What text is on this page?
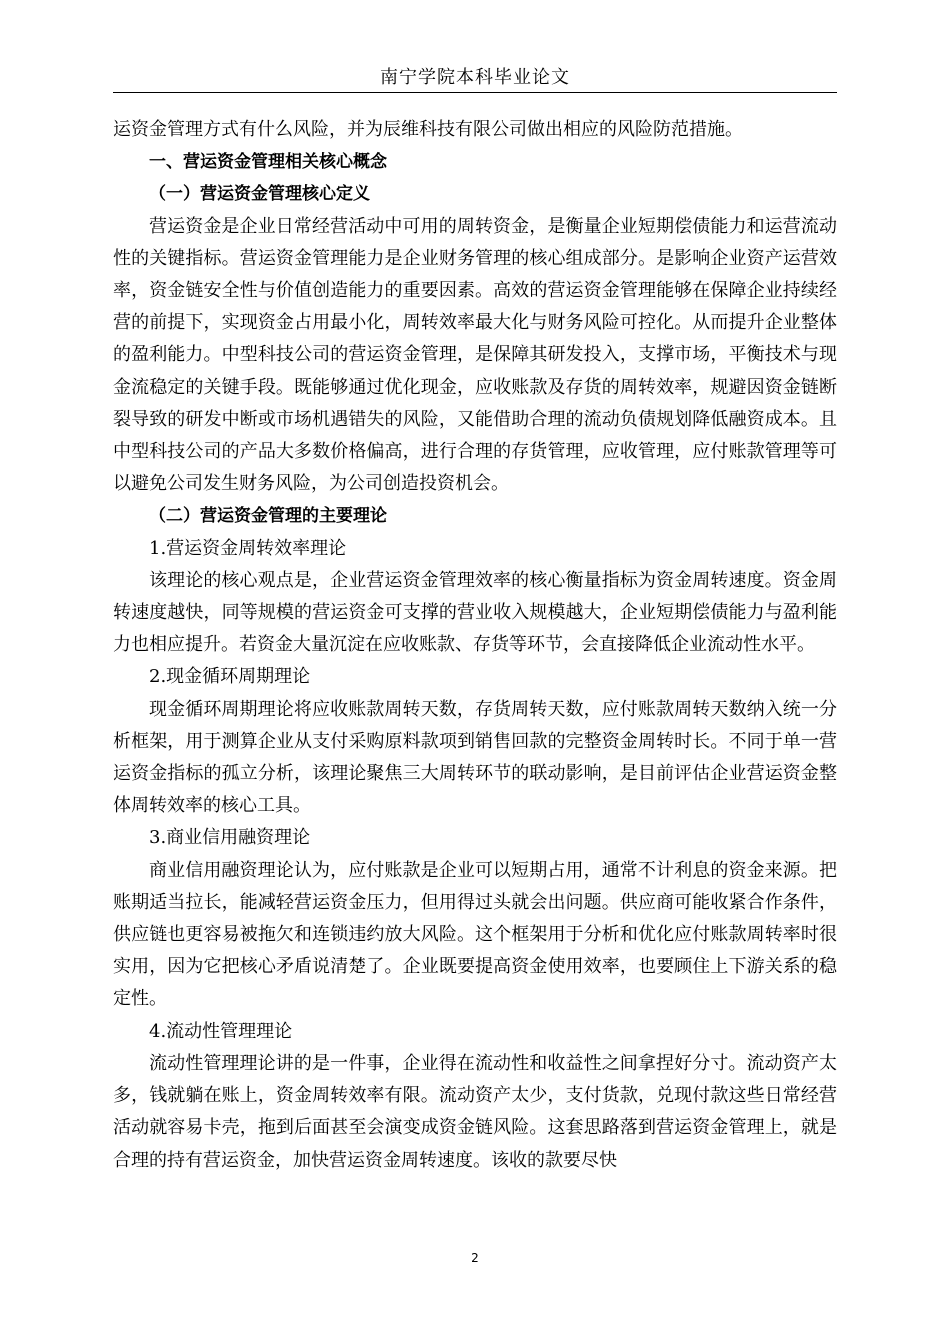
南宁学院本科毕业论文

运资金管理方式有什么风险，并为辰维科技有限公司做出相应的风险防范措施。

一、营运资金管理相关核心概念

（一）营运资金管理核心定义

营运资金是企业日常经营活动中可用的周转资金，是衡量企业短期偿债能力和运营流动性的关键指标。营运资金管理能力是企业财务管理的核心组成部分。是影响企业资产运营效率，资金链安全性与价值创造能力的重要因素。高效的营运资金管理能够在保障企业持续经营的前提下，实现资金占用最小化，周转效率最大化与财务风险可控化。从而提升企业整体的盈利能力。中型科技公司的营运资金管理，是保障其研发投入，支撑市场，平衡技术与现金流稳定的关键手段。既能够通过优化现金，应收账款及存货的周转效率，规避因资金链断裂导致的研发中断或市场机遇错失的风险，又能借助合理的流动负债规划降低融资成本。且中型科技公司的产品大多数价格偏高，进行合理的存货管理，应收管理，应付账款管理等可以避免公司发生财务风险，为公司创造投资机会。

（二）营运资金管理的主要理论

1.营运资金周转效率理论

该理论的核心观点是，企业营运资金管理效率的核心衡量指标为资金周转速度。资金周转速度越快，同等规模的营运资金可支撑的营业收入规模越大，企业短期偿债能力与盈利能力也相应提升。若资金大量沉淀在应收账款、存货等环节，会直接降低企业流动性水平。

2.现金循环周期理论

现金循环周期理论将应收账款周转天数，存货周转天数，应付账款周转天数纳入统一分析框架，用于测算企业从支付采购原料款项到销售回款的完整资金周转时长。不同于单一营运资金指标的孤立分析，该理论聚焦三大周转环节的联动影响，是目前评估企业营运资金整体周转效率的核心工具。

3.商业信用融资理论

商业信用融资理论认为，应付账款是企业可以短期占用，通常不计利息的资金来源。把账期适当拉长，能减轻营运资金压力，但用得过头就会出问题。供应商可能收紧合作条件，供应链也更容易被拖欠和连锁违约放大风险。这个框架用于分析和优化应付账款周转率时很实用，因为它把核心矛盾说清楚了。企业既要提高资金使用效率，也要顾住上下游关系的稳定性。

4.流动性管理理论

流动性管理理论讲的是一件事，企业得在流动性和收益性之间拿捏好分寸。流动资产太多，钱就躺在账上，资金周转效率有限。流动资产太少，支付货款，兑现付款这些日常经营活动就容易卡壳，拖到后面甚至会演变成资金链风险。这套思路落到营运资金管理上，就是合理的持有营运资金，加快营运资金周转速度。该收的款要尽快

2
